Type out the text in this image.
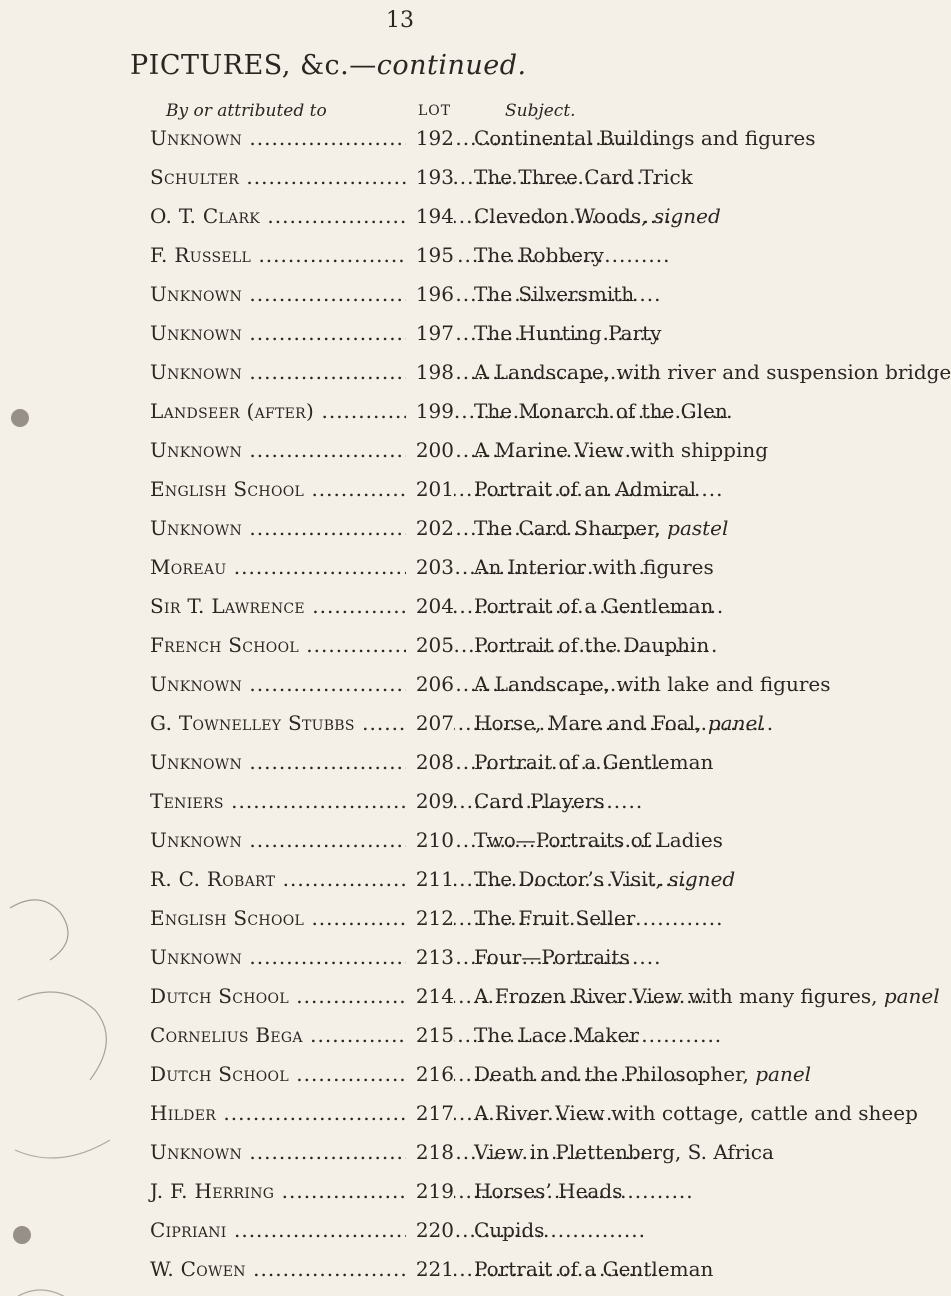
13
PICTURES, &c.—continued.
By or attributed to	LOT	Subject.
Unknown .....	192 Continental Buildings and figures
Schulter .....	193 The Three Card Trick
O. T. Clark .....	194 Clevedon Woods, signed
F. Russell .....	195 The Robbery
Unknown .....	196 The Silversmith
Unknown .....	197 The Hunting Party
Unknown .....	198 A Landscape, with river and suspension bridge
Landseer (after) .....	199 The Monarch of the Glen
Unknown .....	200 A Marine View with shipping
English School .....	201 Portrait of an Admiral
Unknown .....	202 The Card Sharper, pastel
Moreau .....	203 An Interior with figures
Sir T. Lawrence .....	204 Portrait of a Gentleman
French School .....	205 Portrait of the Dauphin
Unknown .....	206 A Landscape, with lake and figures
G. Townelley Stubbs .....	207 Horse, Mare and Foal, panel
Unknown .....	208 Portrait of a Gentleman
Teniers .....	209 Card Players
Unknown .....	210 Two—Portraits of Ladies
R. C. Robart .....	211 The Doctor’s Visit, signed
English School .....	212 The Fruit Seller
Unknown .....	213 Four—Portraits
Dutch School .....	214 A Frozen River View with many figures, panel
Cornelius Bega .....	215 The Lace Maker
Dutch School .....	216 Death and the Philosopher, panel
Hilder .....	217 A River View with cottage, cattle and sheep
Unknown .....	218 View in Plettenberg, S. Africa
J. F. Herring .....	219 Horses’ Heads
Cipriani .....	220 Cupids
W. Cowen .....	221 Portrait of a Gentleman
